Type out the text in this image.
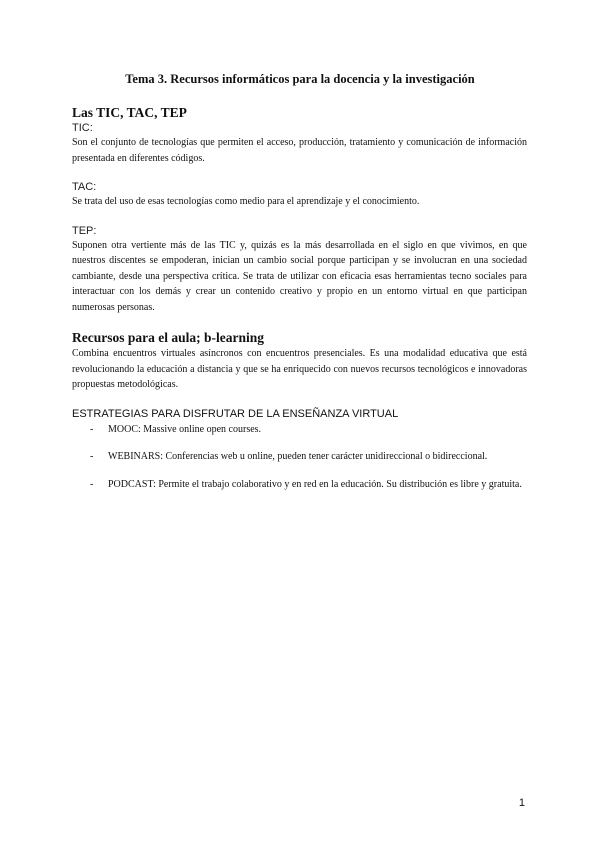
Tema 3. Recursos informáticos para la docencia y la investigación
Las TIC, TAC, TEP
TIC:

Son el conjunto de tecnologías que permiten el acceso, producción, tratamiento y comunicación de información presentada en diferentes códigos.

TAC:

Se trata del uso de esas tecnologías como medio para el aprendizaje y el conocimiento.

TEP:

Suponen otra vertiente más de las TIC y, quizás es la más desarrollada en el siglo en que vivimos, en que nuestros discentes se empoderan, inician un cambio social porque participan y se involucran en una sociedad cambiante, desde una perspectiva crítica. Se trata de utilizar con eficacia esas herramientas tecno sociales para interactuar con los demás y crear un contenido creativo y propio en un entorno virtual en que participan numerosas personas.

Recursos para el aula; b-learning

Combina encuentros virtuales asíncronos con encuentros presenciales. Es una modalidad educativa que está revolucionando la educación a distancia y que se ha enriquecido con nuevos recursos tecnológicos e innovadoras propuestas metodológicas.

ESTRATEGIAS PARA DISFRUTAR DE LA ENSEÑANZA VIRTUAL
-	MOOC: Massive online open courses.
-	WEBINARS: Conferencias web u online, pueden tener carácter unidireccional o bidireccional.
-	PODCAST: Permite el trabajo colaborativo y en red en la educación. Su distribución es libre y gratuita.
1
